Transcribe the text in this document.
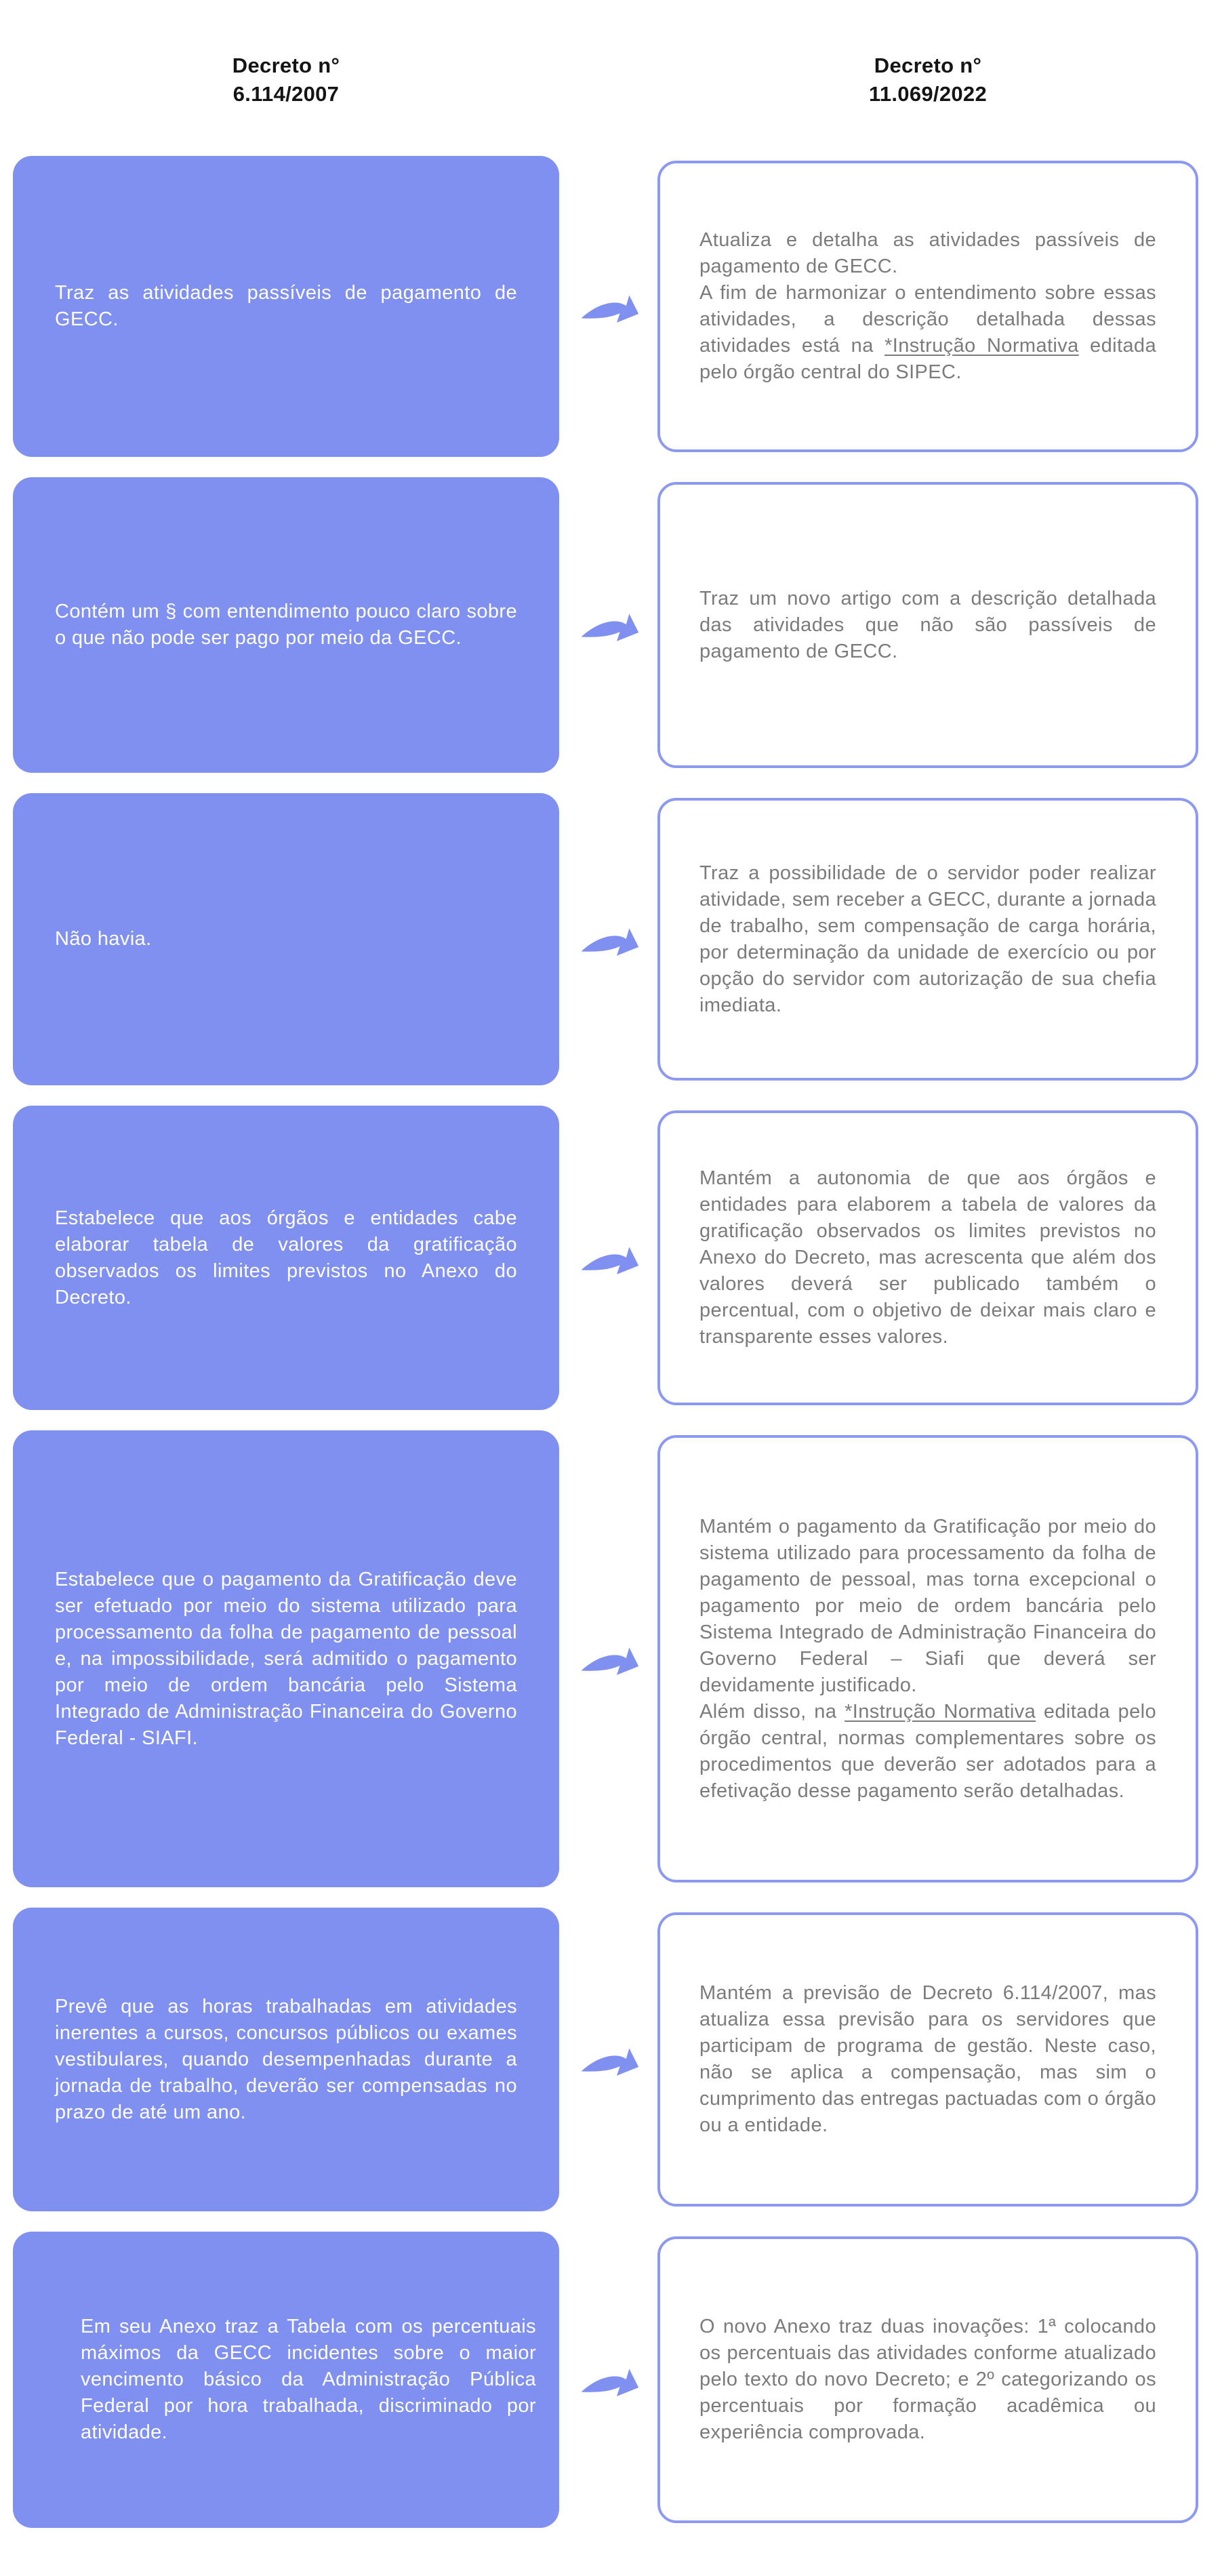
Decreto n°
6.114/2007
Decreto n°
11.069/2022

Traz as atividades passíveis de pagamento de GECC.

Atualiza e detalha as atividades passíveis de pagamento de GECC.
A fim de harmonizar o entendimento sobre essas atividades, a descrição detalhada dessas atividades está na *Instrução Normativa editada pelo órgão central do SIPEC.

Contém um § com entendimento pouco claro sobre o que não pode ser pago por meio da GECC.

Traz um novo artigo com a descrição detalhada das atividades que não são passíveis de pagamento de GECC.

Não havia.

Traz a possibilidade de o servidor poder realizar atividade, sem receber a GECC, durante a jornada de trabalho, sem compensação de carga horária, por determinação da unidade de exercício ou por opção do servidor com autorização de sua chefia imediata.

Estabelece que aos órgãos e entidades cabe elaborar tabela de valores da gratificação observados os limites previstos no Anexo do Decreto.

Mantém a autonomia de que aos órgãos e entidades para elaborem a tabela de valores da gratificação observados os limites previstos no Anexo do Decreto, mas acrescenta que além dos valores deverá ser publicado também o percentual, com o objetivo de deixar mais claro e transparente esses valores.

Estabelece que o pagamento da Gratificação deve ser efetuado por meio do sistema utilizado para processamento da folha de pagamento de pessoal e, na impossibilidade, será admitido o pagamento por meio de ordem bancária pelo Sistema Integrado de Administração Financeira do Governo Federal - SIAFI.

Mantém o pagamento da Gratificação por meio do sistema utilizado para processamento da folha de pagamento de pessoal, mas torna excepcional o pagamento por meio de ordem bancária pelo Sistema Integrado de Administração Financeira do Governo Federal – Siafi que deverá ser devidamente justificado.
Além disso, na *Instrução Normativa editada pelo órgão central, normas complementares sobre os procedimentos que deverão ser adotados para a efetivação desse pagamento serão detalhadas.

Prevê que as horas trabalhadas em atividades inerentes a cursos, concursos públicos ou exames vestibulares, quando desempenhadas durante a jornada de trabalho, deverão ser compensadas no prazo de até um ano.

Mantém a previsão de Decreto 6.114/2007, mas atualiza essa previsão para os servidores que participam de programa de gestão. Neste caso, não se aplica a compensação, mas sim o cumprimento das entregas pactuadas com o órgão ou a entidade.

Em seu Anexo traz a Tabela com os percentuais máximos da GECC incidentes sobre o maior vencimento básico da Administração Pública Federal por hora trabalhada, discriminado por atividade.

O novo Anexo traz duas inovações: 1ª colocando os percentuais das atividades conforme atualizado pelo texto do novo Decreto; e 2º categorizando os percentuais por formação acadêmica ou experiência comprovada.
